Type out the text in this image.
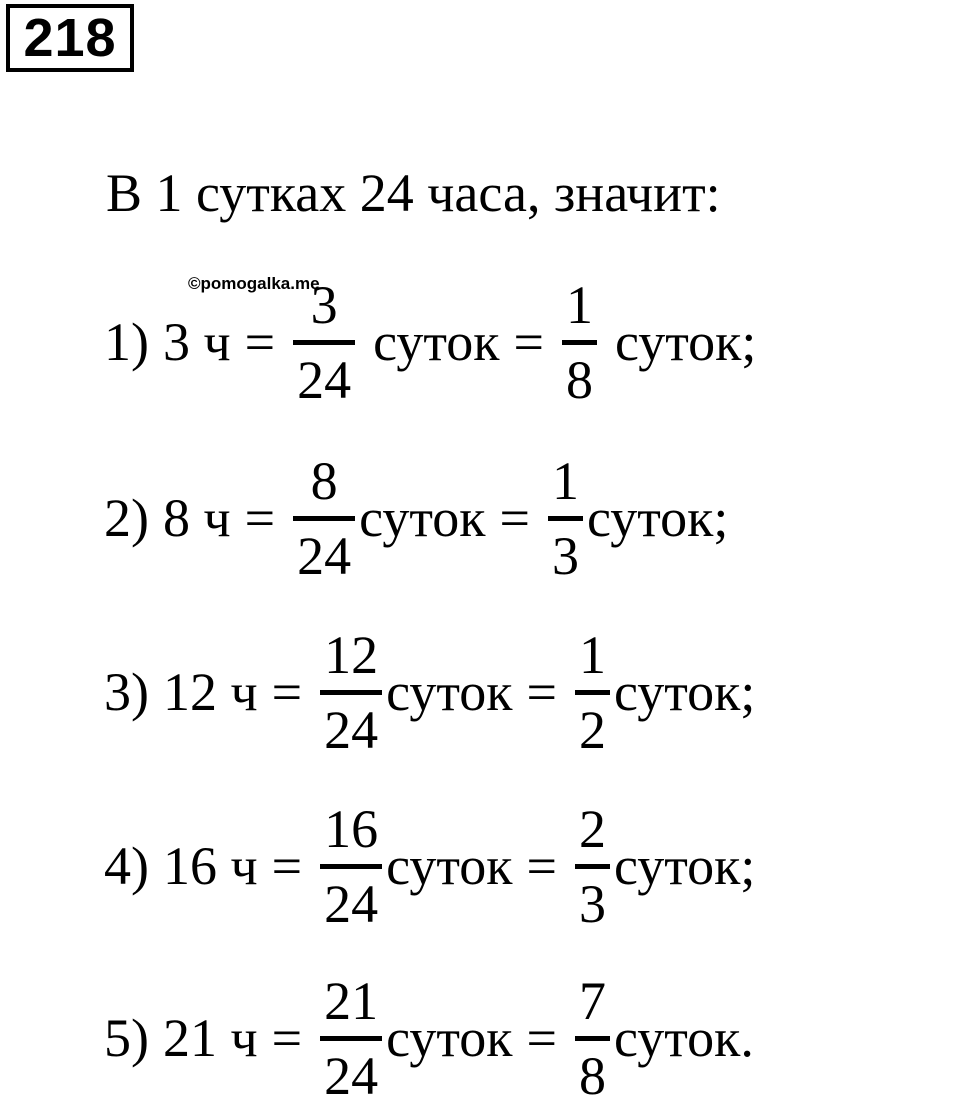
218
В 1 сутках 24 часа, значит:
©pomogalka.me
1) 3 ч =
3
24
суток =
1
8
суток;
2) 8 ч =
8
24
суток =
1
3
суток;
3) 12 ч =
12
24
суток =
1
2
суток;
4) 16 ч =
16
24
суток =
2
3
суток;
5) 21 ч =
21
24
суток =
7
8
суток.
